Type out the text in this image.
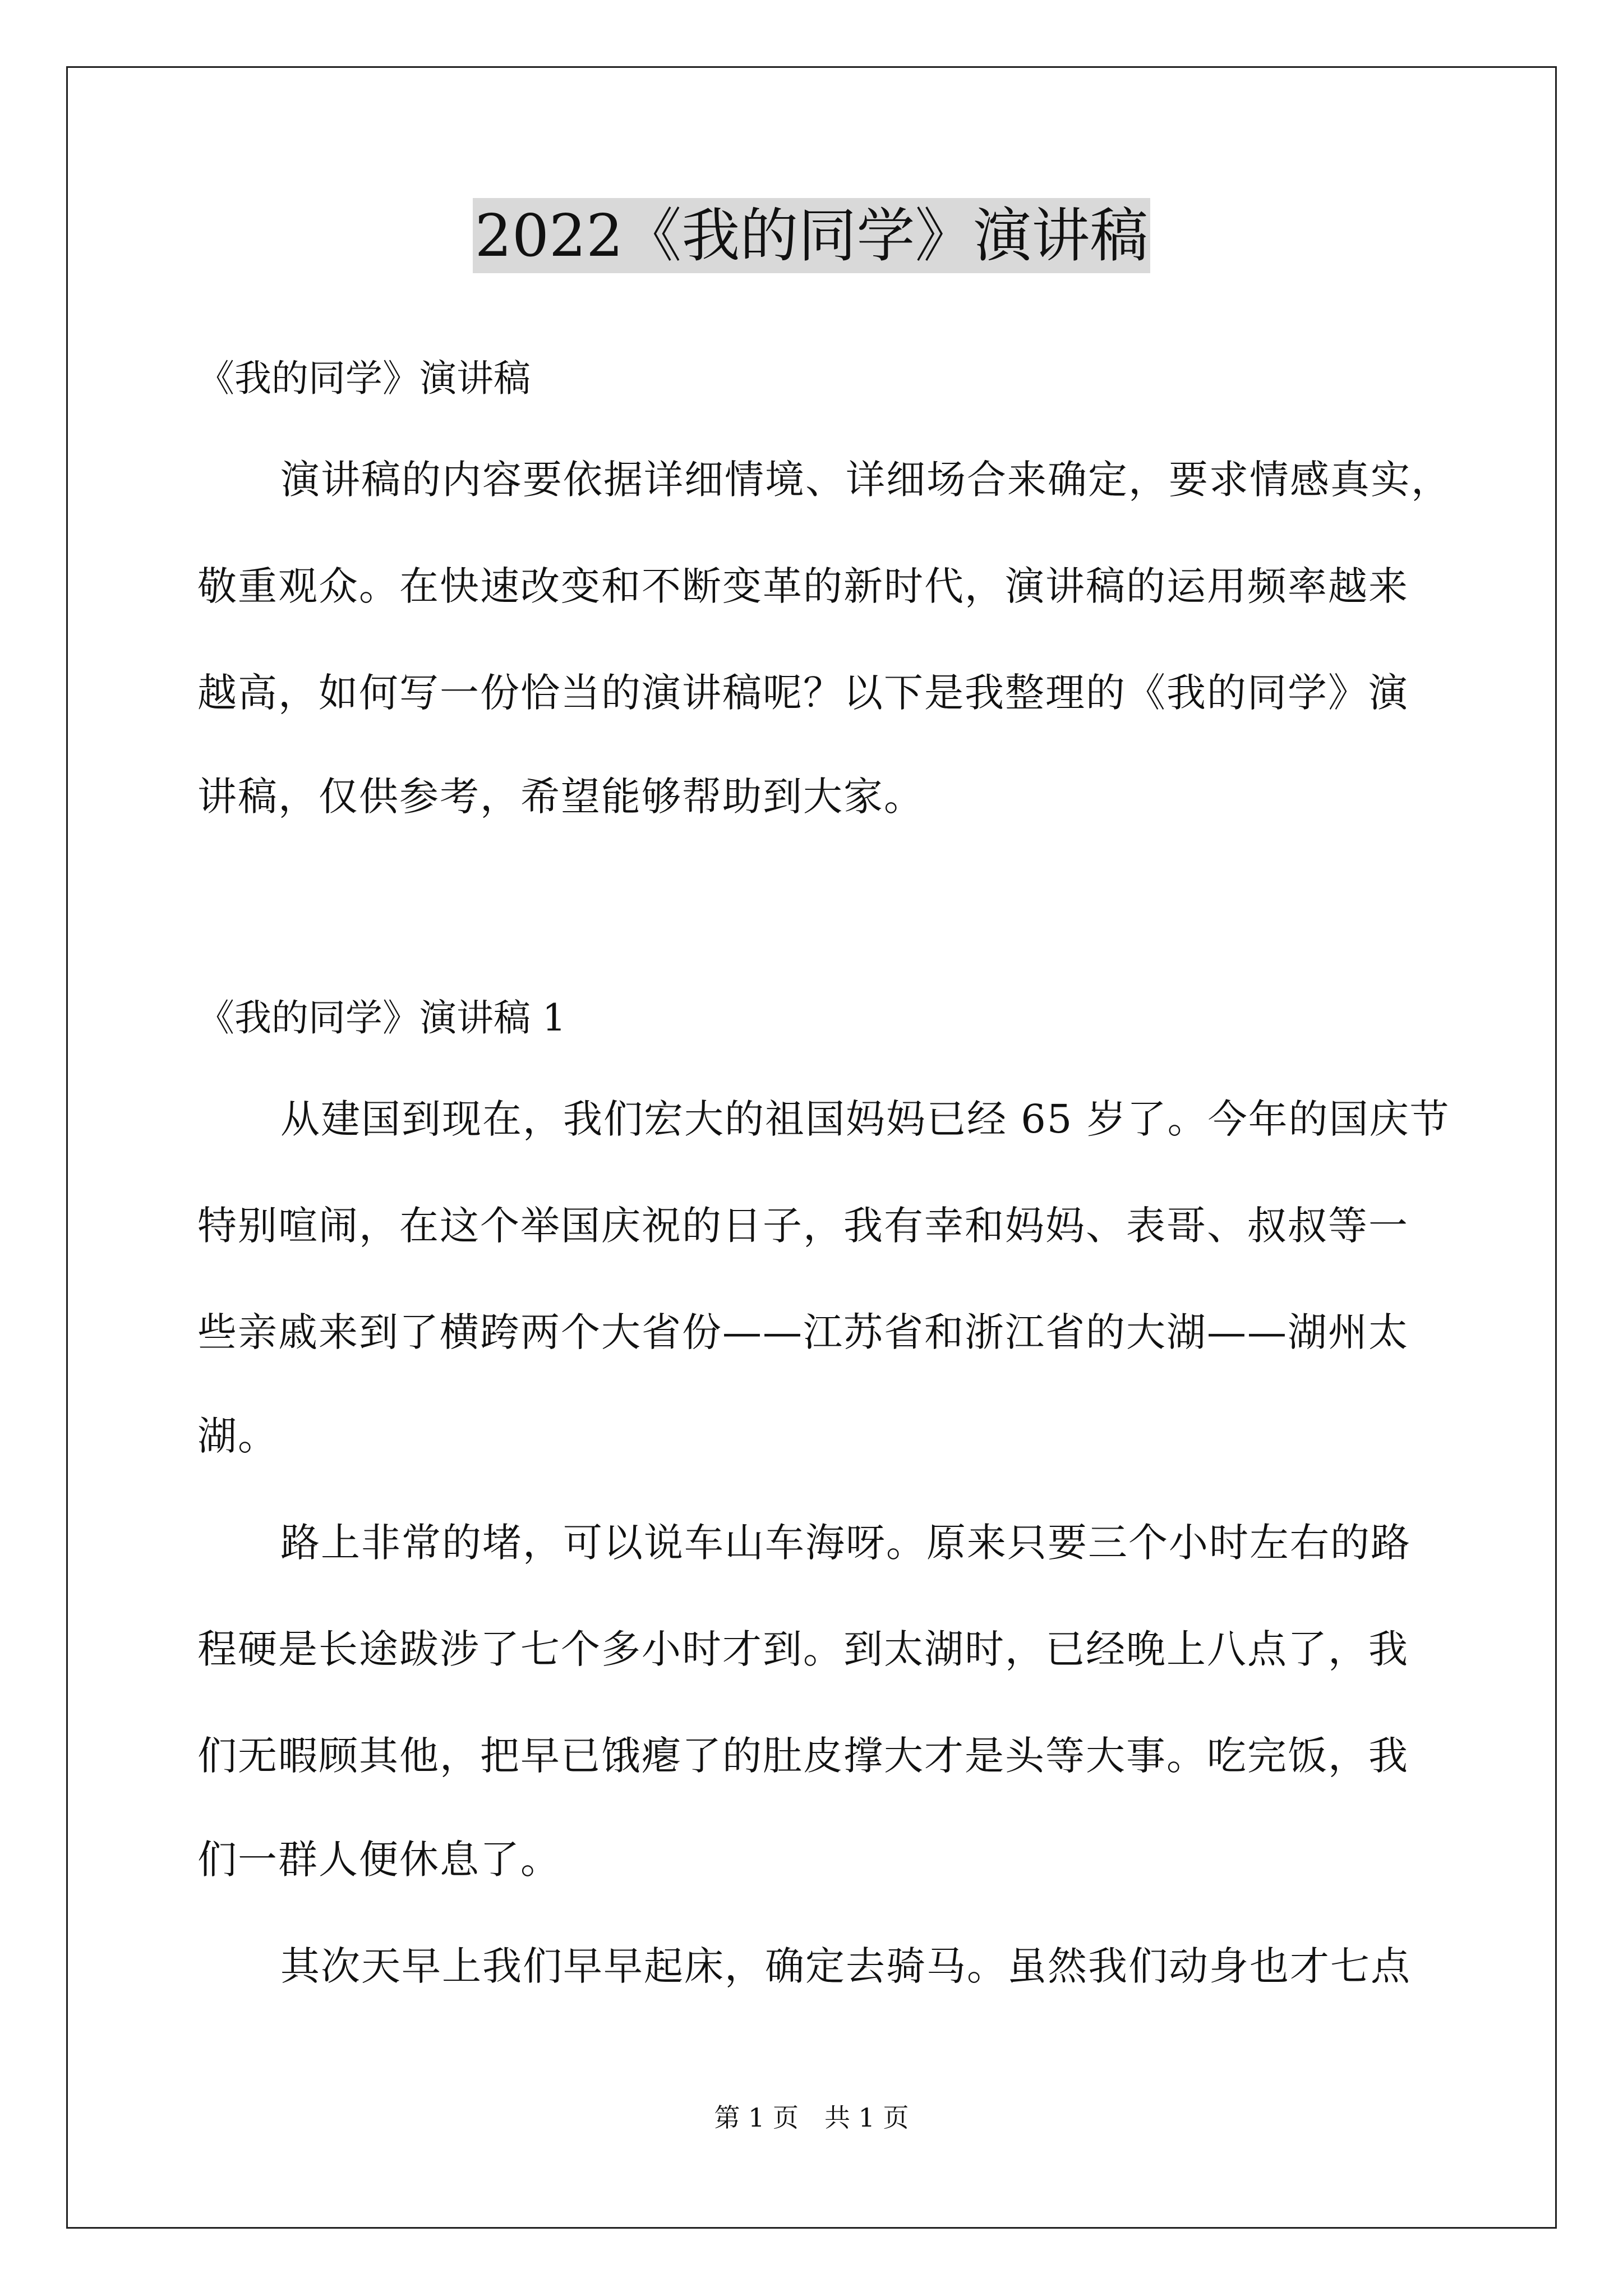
2022《我的同学》演讲稿
《我的同学》演讲稿
演讲稿的内容要依据详细情境、详细场合来确定，要求情感真实，
敬重观众。在快速改变和不断变革的新时代，演讲稿的运用频率越来
越高，如何写一份恰当的演讲稿呢？以下是我整理的《我的同学》演
讲稿，仅供参考，希望能够帮助到大家。
《我的同学》演讲稿 1
从建国到现在，我们宏大的祖国妈妈已经 65 岁了。今年的国庆节
特别喧闹，在这个举国庆祝的日子，我有幸和妈妈、表哥、叔叔等一
些亲戚来到了横跨两个大省份——江苏省和浙江省的大湖——湖州太
湖。
路上非常的堵，可以说车山车海呀。原来只要三个小时左右的路
程硬是长途跋涉了七个多小时才到。到太湖时，已经晚上八点了，我
们无暇顾其他，把早已饿瘪了的肚皮撑大才是头等大事。吃完饭，我
们一群人便休息了。
其次天早上我们早早起床，确定去骑马。虽然我们动身也才七点
第 1 页　共 1 页
